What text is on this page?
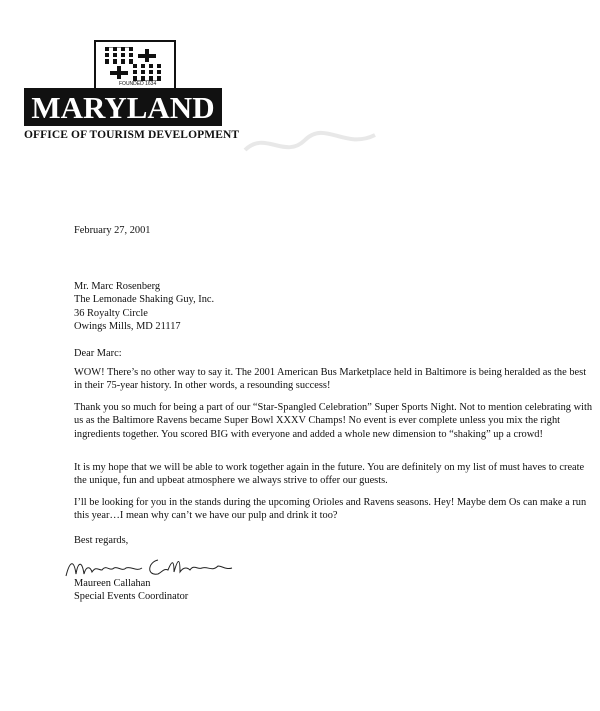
FOUNDED 1634
MARYLAND
OFFICE OF TOURISM DEVELOPMENT
February 27, 2001
Mr. Marc Rosenberg
The Lemonade Shaking Guy, Inc.
36 Royalty Circle
Owings Mills, MD 21117
Dear Marc:
WOW! There’s no other way to say it. The 2001 American Bus Marketplace held in Baltimore is being heralded as the best in their 75-year history. In other words, a resounding success!
Thank you so much for being a part of our “Star-Spangled Celebration” Super Sports Night. Not to mention celebrating with us as the Baltimore Ravens became Super Bowl XXXV Champs! No event is ever complete unless you mix the right ingredients together. You scored BIG with everyone and added a whole new dimension to “shaking” up a crowd!
It is my hope that we will be able to work together again in the future. You are definitely on my list of must haves to create the unique, fun and upbeat atmosphere we always strive to offer our guests.
I’ll be looking for you in the stands during the upcoming Orioles and Ravens seasons. Hey! Maybe dem Os can make a run this year…I mean why can’t we have our pulp and drink it too?
Best regards,
Maureen Callahan
Special Events Coordinator
